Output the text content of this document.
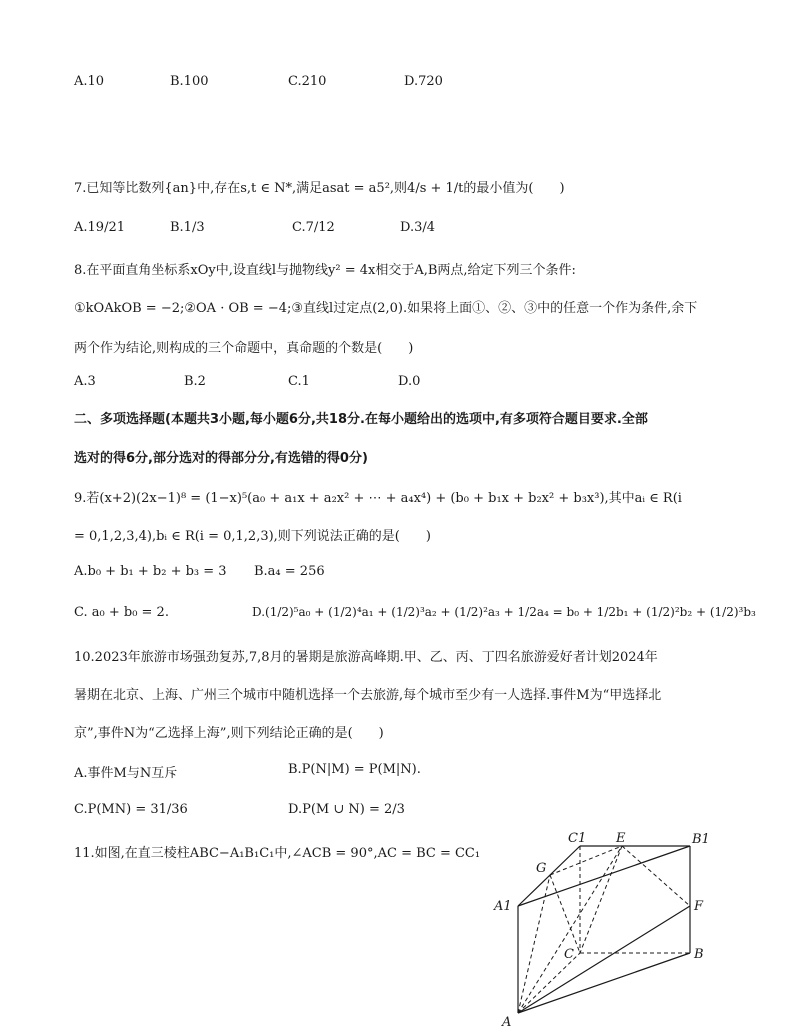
A.10	B.100	C.210	D.720
7.已知等比数列{an}中,存在s,t ∈ N*,满足asat = a5²,则4/s + 1/t的最小值为(　　)
A.19/21	B.1/3	C.7/12	D.3/4
8.在平面直角坐标系xOy中,设直线l与抛物线y² = 4x相交于A,B两点,给定下列三个条件:
①kOAkOB = −2;②OA · OB = −4;③直线l过定点(2,0).如果将上面①、②、③中的任意一个作为条件,余下
两个作为结论,则构成的三个命题中，真命题的个数是(　　)
A.3	B.2	C.1	D.0
二、多项选择题(本题共3小题,每小题6分,共18分.在每小题给出的选项中,有多项符合题目要求.全部
选对的得6分,部分选对的得部分分,有选错的得0分)
9.若(x+2)(2x−1)⁸ = (1−x)⁵(a₀ + a₁x + a₂x² + ⋯ + a₄x⁴) + (b₀ + b₁x + b₂x² + b₃x³),其中aᵢ ∈ R(i
= 0,1,2,3,4),bᵢ ∈ R(i = 0,1,2,3),则下列说法正确的是(　　)
A.b₀ + b₁ + b₂ + b₃ = 3 B.a₄ = 256
C. a₀ + b₀ = 2.	D.(1/2)⁵a₀ + (1/2)⁴a₁ + (1/2)³a₂ + (1/2)²a₃ + 1/2a₄ = b₀ + 1/2b₁ + (1/2)²b₂ + (1/2)³b₃
10.2023年旅游市场强劲复苏,7,8月的暑期是旅游高峰期.甲、乙、丙、丁四名旅游爱好者计划2024年
暑期在北京、上海、广州三个城市中随机选择一个去旅游,每个城市至少有一人选择.事件M为“甲选择北
京”,事件N为“乙选择上海”,则下列结论正确的是(　　)
A.事件M与N互斥	B.P(N|M) = P(M|N).
C.P(MN) = 31/36	D.P(M ∪ N) = 2/3
11.如图,在直三棱柱ABC−A₁B₁C₁中,∠ACB = 90°,AC = BC = CC₁
C1 E	B1
G
A1	F
C	B
A
